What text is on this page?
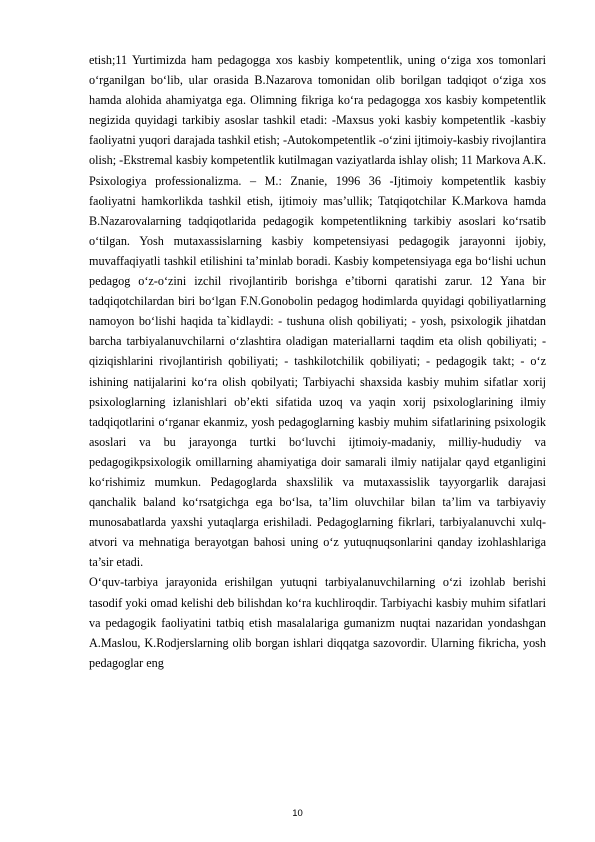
etish;11 Yurtimizda ham pedagogga xos kasbiy kompetentlik, uning o‘ziga xos tomonlari o‘rganilgan bo‘lib, ular orasida B.Nazarova tomonidan olib borilgan tadqiqot o‘ziga xos hamda alohida ahamiyatga ega. Olimning fikriga ko‘ra pedagogga xos kasbiy kompetentlik negizida quyidagi tarkibiy asoslar tashkil etadi: -Maxsus yoki kasbiy kompetentlik -kasbiy faoliyatni yuqori darajada tashkil etish; -Autokompetentlik -o‘zini ijtimoiy-kasbiy rivojlantira olish; -Ekstremal kasbiy kompetentlik kutilmagan vaziyatlarda ishlay olish; 11 Markova A.K. Psixologiya professionalizma. – M.: Znanie, 1996 36 -Ijtimoiy kompetentlik kasbiy faoliyatni hamkorlikda tashkil etish, ijtimoiy mas’ullik; Tatqiqotchilar K.Markova hamda B.Nazarovalarning tadqiqotlarida pedagogik kompetentlikning tarkibiy asoslari ko‘rsatib o‘tilgan. Yosh mutaxassislarning kasbiy kompetensiyasi pedagogik jarayonni ijobiy, muvaffaqiyatli tashkil etilishini ta’minlab boradi. Kasbiy kompetensiyaga ega bo‘lishi uchun pedagog o‘z-o‘zini izchil rivojlantirib borishga e’tiborni qaratishi zarur. 12 Yana bir tadqiqotchilardan biri bo‘lgan F.N.Gonobolin pedagog hodimlarda quyidagi qobiliyatlarning namoyon bo‘lishi haqida ta`kidlaydi: - tushuna olish qobiliyati; - yosh, psixologik jihatdan barcha tarbiyalanuvchilarni o‘zlashtira oladigan materiallarni taqdim eta olish qobiliyati; - qiziqishlarini rivojlantirish qobiliyati; - tashkilotchilik qobiliyati; - pedagogik takt; - o‘z ishining natijalarini ko‘ra olish qobilyati; Tarbiyachi shaxsida kasbiy muhim sifatlar xorij psixologlarning izlanishlari ob’ekti sifatida uzoq va yaqin xorij psixologlarining ilmiy tadqiqotlarini o‘rganar ekanmiz, yosh pedagoglarning kasbiy muhim sifatlarining psixologik asoslari va bu jarayonga turtki bo‘luvchi ijtimoiy-madaniy, milliy-hududiy va pedagogikpsixologik omillarning ahamiyatiga doir samarali ilmiy natijalar qayd etganligini ko‘rishimiz mumkun. Pedagoglarda shaxslilik va mutaxassislik tayyorgarlik darajasi qanchalik baland ko‘rsatgichga ega bo‘lsa, ta’lim oluvchilar bilan ta’lim va tarbiyaviy munosabatlarda yaxshi yutaqlarga erishiladi. Pedagoglarning fikrlari, tarbiyalanuvchi xulq-atvori va mehnatiga berayotgan bahosi uning o‘z yutuqnuqsonlarini qanday izohlashlariga ta’sir etadi.

O‘quv-tarbiya jarayonida erishilgan yutuqni tarbiyalanuvchilarning o‘zi izohlab berishi tasodif yoki omad kelishi deb bilishdan ko‘ra kuchliroqdir. Tarbiyachi kasbiy muhim sifatlari va pedagogik faoliyatini tatbiq etish masalalariga gumanizm nuqtai nazaridan yondashgan A.Maslou, K.Rodjerslarning olib borgan ishlari diqqatga sazovordir. Ularning fikricha, yosh pedagoglar eng

10
